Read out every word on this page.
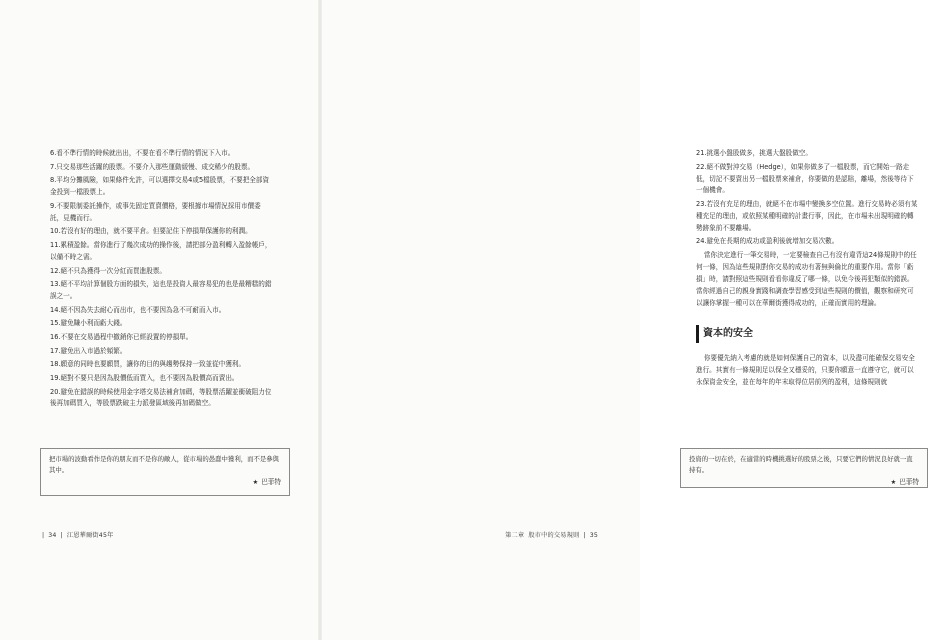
6.看不準行情的時候就出出，不要在看不準行情的情況下入市。

7.只交易那些活躍的股票。不要介入那些運動緩慢、成交稀少的股票。

8.平均分攤風險，如果條件允許，可以選擇交易4或5檔股票，不要把全部資金投到一檔股票上。

9.不要限制委託操作，或事先固定買賣價格，要根據市場情況採用市價委託，見機而行。

10.若沒有好的理由，就不要平倉。但要記住下停損單保護你的利潤。

11.累積盈餘。當你進行了幾次成功的操作後，請把部分盈利轉入盈餘帳戶，以備不時之需。

12.絕不只為獲得一次分紅而買進股票。

13.絕不平均計算個股方面的損失，這也是投資人最容易犯的也是最糟糕的錯誤之一。

14.絕不因為失去耐心而出市，也不要因為急不可耐而入市。

15.避免賺小利而虧大錢。

16.不要在交易過程中撤銷你已經設置的停損單。

17.避免出入市過於頻繁。

18.願意的同時也要願買，讓你的目的與趨勢保持一致並從中獲利。

19.絕對不要只是因為股價低而買入，也不要因為股價高而賣出。

20.避免在錯誤的時候使用金字塔交易法補倉加碼，等股票活躍並衝破阻力位後再加碼買入，等股票跌破主力派發區域後再加碼做空。

把市場的波動看作是你的朋友而不是你的敵人，從市場的愚蠢中獲利，而不是參與其中。
★ 巴菲特
| 34 | 江恩華爾街45年

21.挑選小盤股做多，挑選大盤股做空。

22.絕不做對沖交易（Hedge），如果你做多了一檔股票，而它開始一路走低，切記不要賣出另一檔股票來補倉，你要做的是認賠，離場，然後等待下一個機會。

23.若沒有充足的理由，就絕不在市場中變換多空位置。進行交易時必須有某種充足的理由，或依照某種明確的計畫行事，因此，在市場未出現明確的轉勢跡象前不要離場。

24.避免在長期的成功或盈利後就增加交易次數。

當你決定進行一筆交易時，一定要檢查自己有沒有違背這24條規則中的任何一條，因為這些規則對你交易的成功有著無與倫比的重要作用。當你「虧損」時，請對照這些規則看看你違反了哪一條，以免今後再犯類似的錯誤。當你經過自己的親身實踐和調查學習感受到這些規則的價值，觀察和研究可以讓你掌握一種可以在華爾街獲得成功的，正確而實用的理論。

資本的安全

你要優先納入考慮的就是如何保護自己的資本，以及盡可能確保交易安全進行。其實有一條規則足以保全又穩妥的，只要你願意一直遵守它，就可以永保資金安全，並在每年的年末取得位居前列的盈利，這條規則就

投資的一切在於，在適當的時機挑選好的股票之後，只要它們的情況良好就一直持有。
★ 巴菲特
第二章 股市中的交易規則 | 35
